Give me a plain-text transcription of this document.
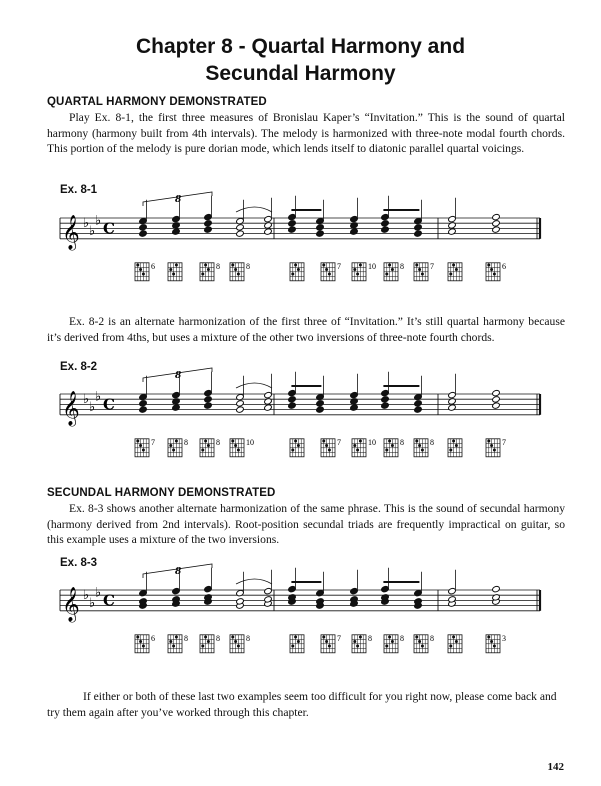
Chapter 8 - Quartal Harmony and
Secundal Harmony
QUARTAL HARMONY DEMONSTRATED
Play Ex. 8-1, the first three measures of Bronislau Kaper’s “Invitation.” This is the sound of quartal harmony (harmony built from 4th intervals). The melody is harmonized with three-note modal fourth chords. This portion of the melody is pure dorian mode, which lends itself to diatonic parallel quartal voicings.
Ex. 8-1
𝄞 ♭
♭
♭ C
8
6	8	8	7	10	8	7	6
Ex. 8-2 is an alternate harmonization of the first three of “Invitation.” It’s still quartal harmony because it’s derived from 4ths, but uses a mixture of the other two inversions of three-note fourth chords.
Ex. 8-2
𝄞 ♭
♭
♭ C
8
7	8	8	10	7	10	8	8	7
SECUNDAL HARMONY DEMONSTRATED
Ex. 8-3 shows another alternate harmonization of the same phrase. This is the sound of secundal harmony (harmony derived from 2nd intervals). Root-position secundal triads are frequently impractical on guitar, so this example uses a mixture of the two inversions.
Ex. 8-3
𝄞 ♭
♭
♭ C
8
6	8	8	8	7	8	8	8	3
If either or both of these last two examples seem too difficult for you right now, please come back and try them again after you’ve worked through this chapter.
142
